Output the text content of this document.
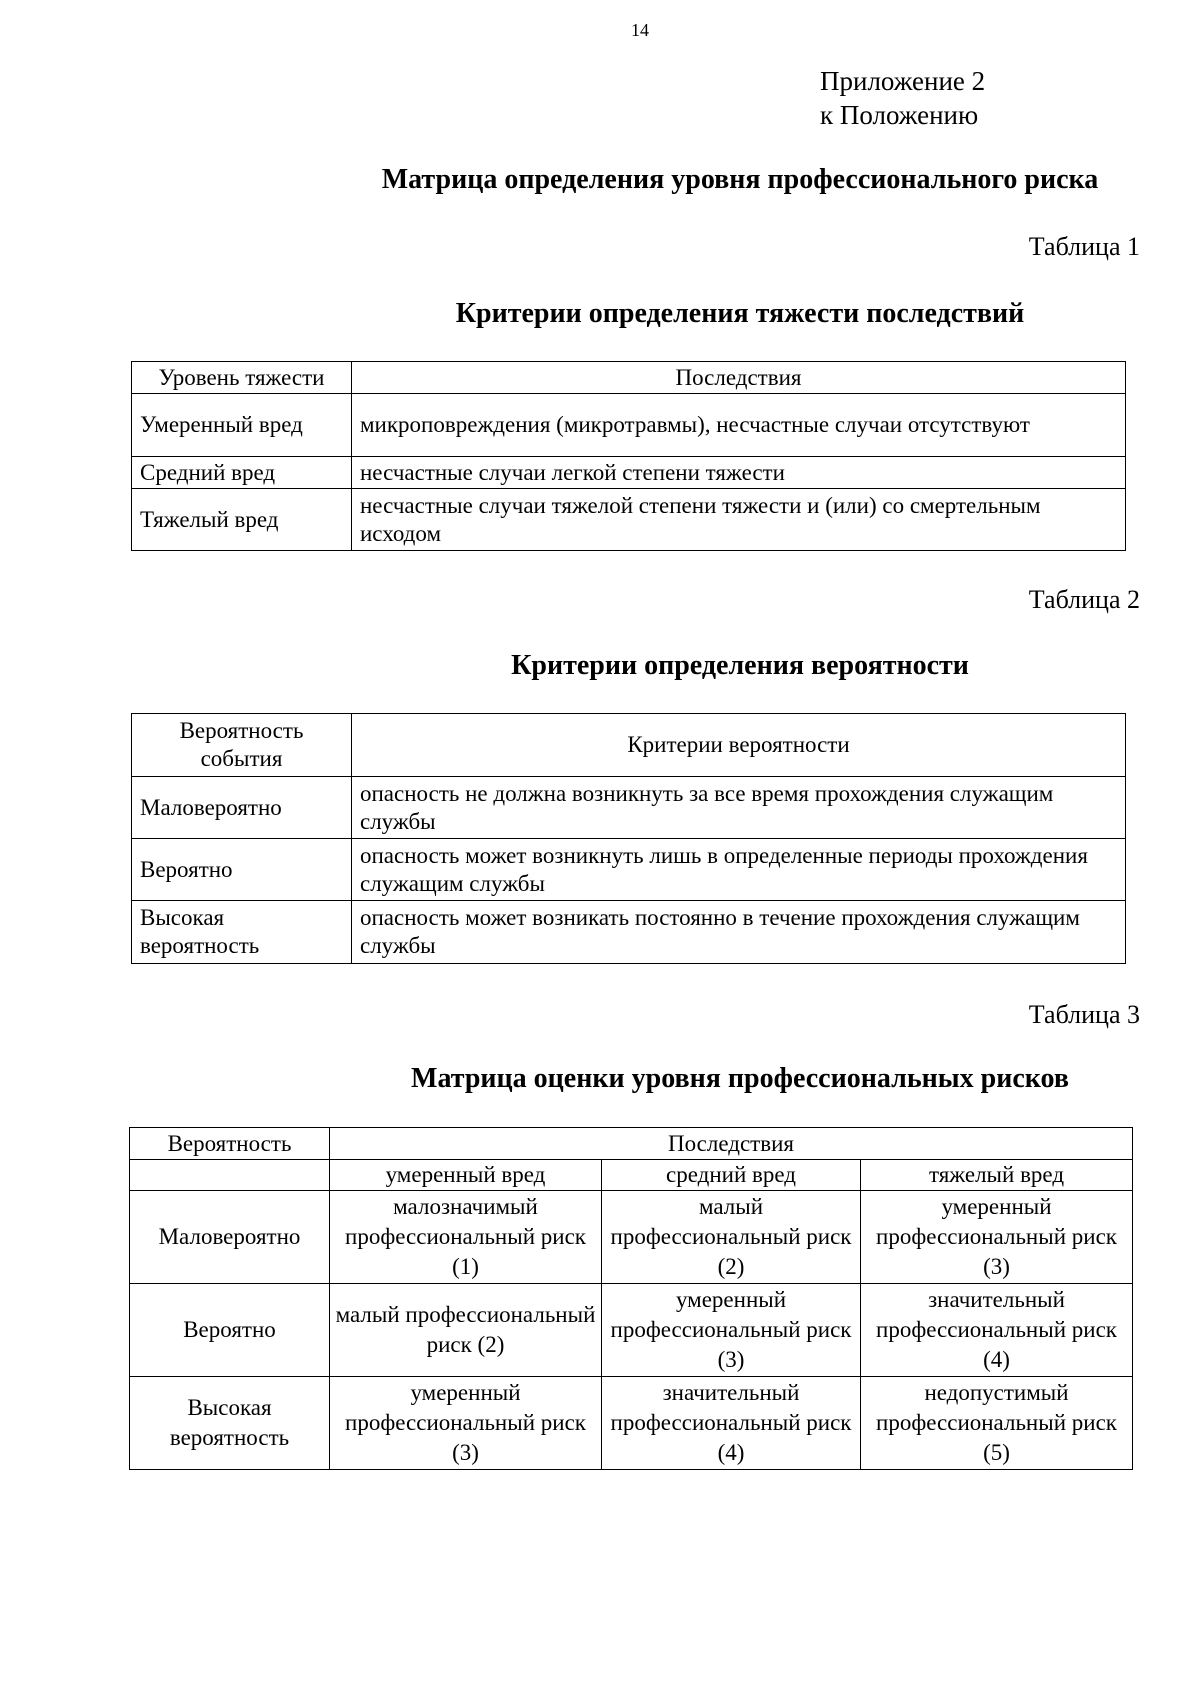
14
Приложение 2
к Положению
Матрица определения уровня профессионального риска
Таблица 1
Критерии определения тяжести последствий
Уровень тяжести	Последствия
Умеренный вред	микроповреждения (микротравмы), несчастные случаи отсутствуют
Средний вред	несчастные случаи легкой степени тяжести
Тяжелый вред	несчастные случаи тяжелой степени тяжести и (или) со смертельным исходом
Таблица 2
Критерии определения вероятности
Вероятность события	Критерии вероятности
Маловероятно	опасность не должна возникнуть за все время прохождения служащим службы
Вероятно	опасность может возникнуть лишь в определенные периоды прохождения служащим службы
Высокая вероятность	опасность может возникать постоянно в течение прохождения служащим службы
Таблица 3
Матрица оценки уровня профессиональных рисков
Вероятность	Последствия		
	умеренный вред	средний вред	тяжелый вред
Маловероятно	малозначимый профессиональный риск (1)	малый профессиональный риск (2)	умеренный профессиональный риск (3)
Вероятно	малый профессиональный риск (2)	умеренный профессиональный риск (3)	значительный профессиональный риск (4)
Высокая вероятность	умеренный профессиональный риск (3)	значительный профессиональный риск (4)	недопустимый профессиональный риск (5)
